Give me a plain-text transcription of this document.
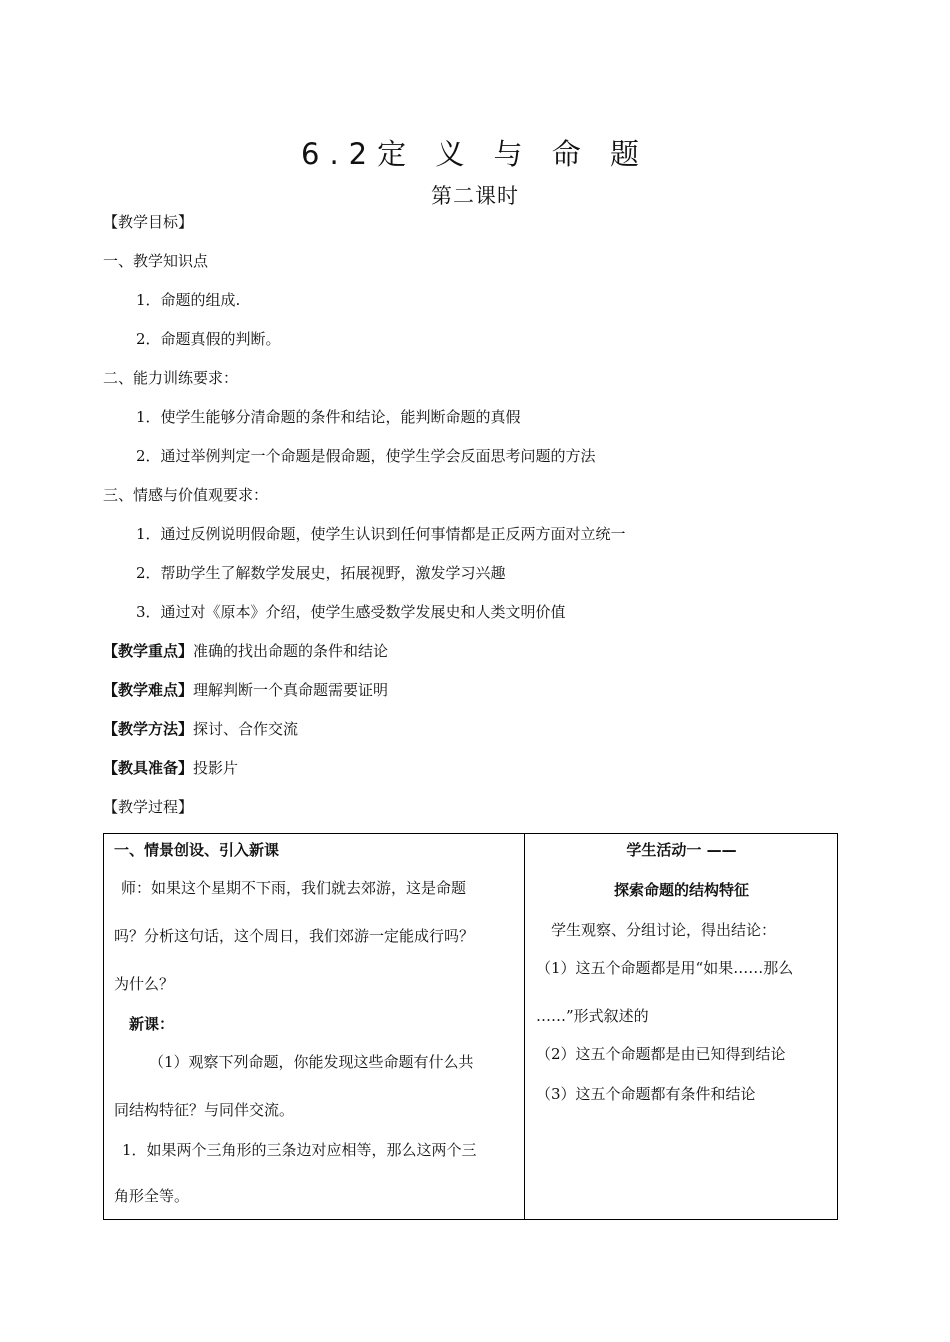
6.2定 义 与 命 题
第二课时
【教学目标】
一、教学知识点
1．命题的组成.
2．命题真假的判断。
二、能力训练要求：
1．使学生能够分清命题的条件和结论，能判断命题的真假
2．通过举例判定一个命题是假命题，使学生学会反面思考问题的方法
三、情感与价值观要求：
1．通过反例说明假命题，使学生认识到任何事情都是正反两方面对立统一
2．帮助学生了解数学发展史，拓展视野，激发学习兴趣
3．通过对《原本》介绍，使学生感受数学发展史和人类文明价值
【教学重点】准确的找出命题的条件和结论
【教学难点】理解判断一个真命题需要证明
【教学方法】探讨、合作交流
【教具准备】投影片
【教学过程】
一、情景创设、引入新课
师：如果这个星期不下雨，我们就去郊游，这是命题
吗？分析这句话，这个周日，我们郊游一定能成行吗？
为什么？
新课：
（1）观察下列命题，你能发现这些命题有什么共
同结构特征？与同伴交流。
1．如果两个三角形的三条边对应相等，那么这两个三
角形全等。
学生活动一 ——
探索命题的结构特征
学生观察、分组讨论，得出结论：
（1）这五个命题都是用“如果……那么
……”形式叙述的
（2）这五个命题都是由已知得到结论
（3）这五个命题都有条件和结论
